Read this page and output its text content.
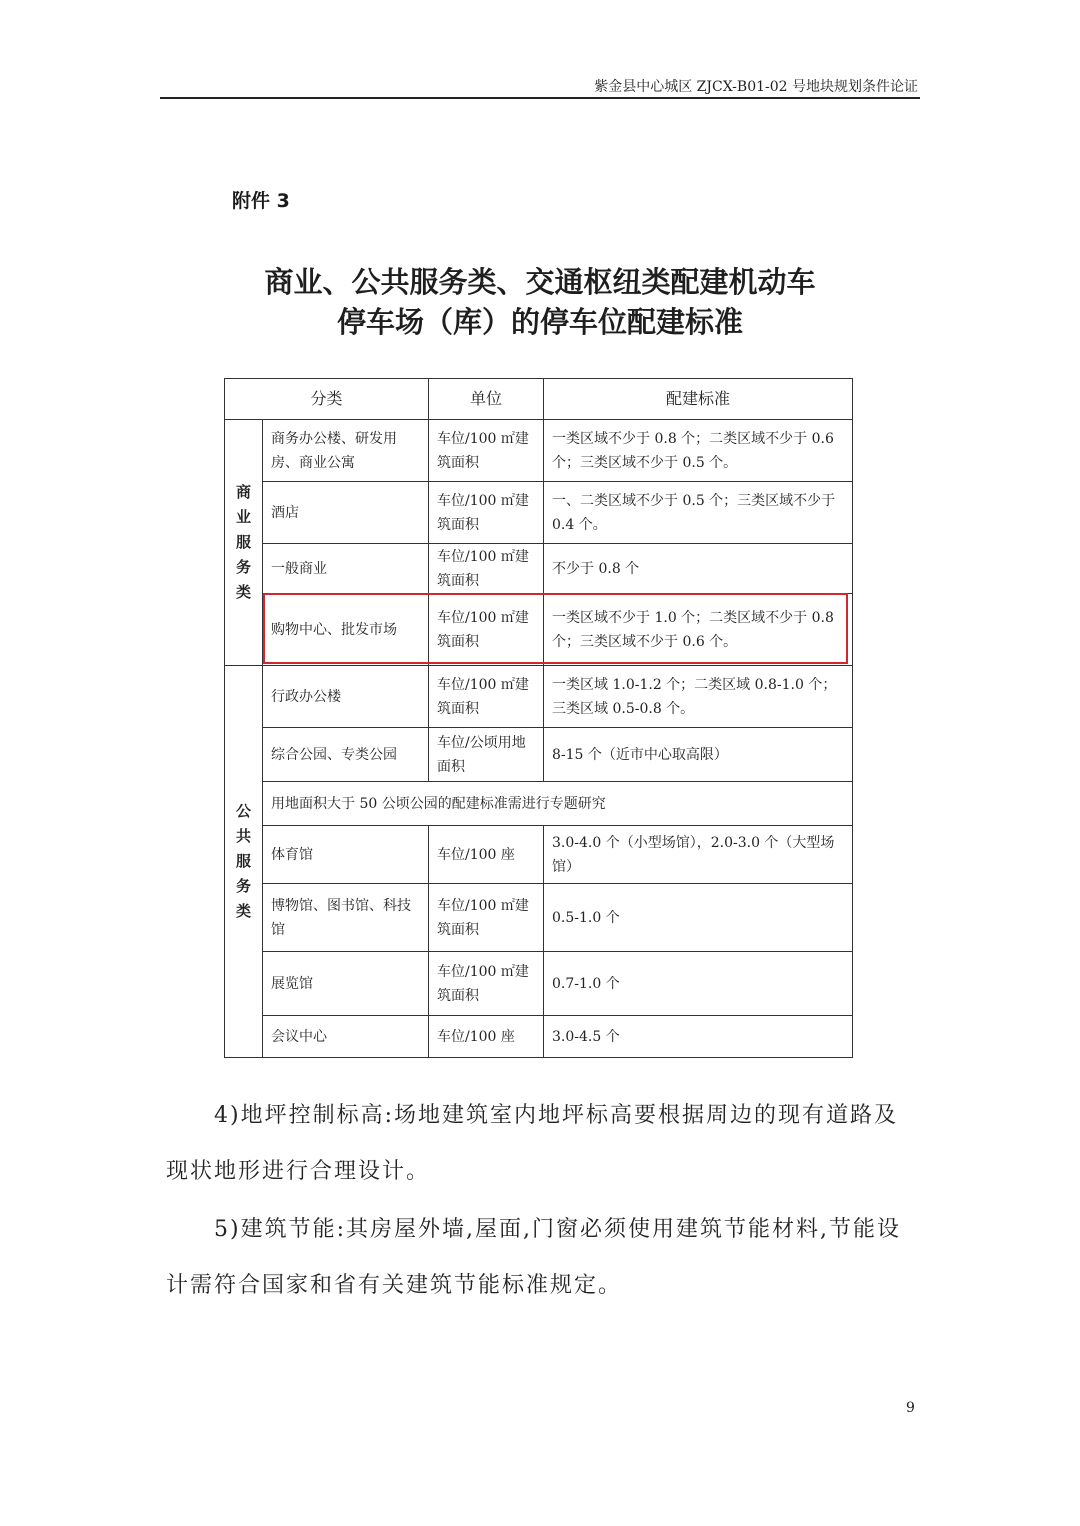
紫金县中心城区 ZJCX-B01-02 号地块规划条件论证
附件 3
商业、公共服务类、交通枢纽类配建机动车
停车场（库）的停车位配建标准
分类		单位	配建标准
商业服务类	商务办公楼、研发用房、商业公寓	车位/100 ㎡建筑面积	一类区域不少于 0.8 个；二类区域不少于 0.6 个；三类区域不少于 0.5 个。
	酒店	车位/100 ㎡建筑面积	一、二类区域不少于 0.5 个；三类区域不少于 0.4 个。
	一般商业	车位/100 ㎡建筑面积	不少于 0.8 个
	购物中心、批发市场	车位/100 ㎡建筑面积	一类区域不少于 1.0 个；二类区域不少于 0.8 个；三类区域不少于 0.6 个。
公共服务类	行政办公楼	车位/100 ㎡建筑面积	一类区域 1.0-1.2 个；二类区域 0.8-1.0 个；三类区域 0.5-0.8 个。
	综合公园、专类公园	车位/公顷用地面积	8-15 个（近市中心取高限）
	用地面积大于 50 公顷公园的配建标准需进行专题研究		
	体育馆	车位/100 座	3.0-4.0 个（小型场馆），2.0-3.0 个（大型场馆）
	博物馆、图书馆、科技馆	车位/100 ㎡建筑面积	0.5-1.0 个
	展览馆	车位/100 ㎡建筑面积	0.7-1.0 个
	会议中心	车位/100 座	3.0-4.5 个
4)地坪控制标高:场地建筑室内地坪标高要根据周边的现有道路及现状地形进行合理设计。
5)建筑节能:其房屋外墙,屋面,门窗必须使用建筑节能材料,节能设计需符合国家和省有关建筑节能标准规定。
9
